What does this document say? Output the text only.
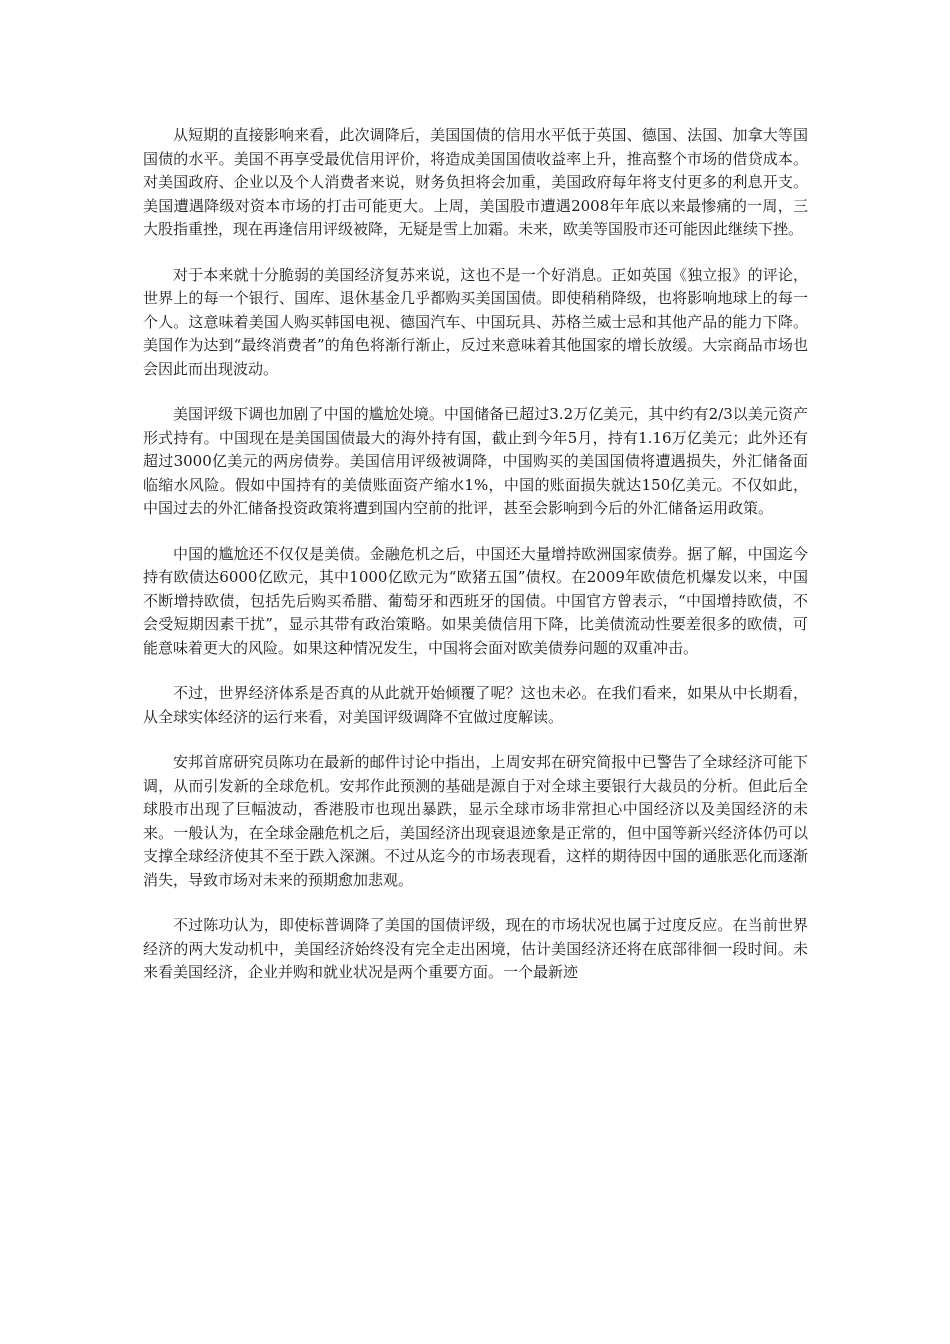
从短期的直接影响来看，此次调降后，美国国债的信用水平低于英国、德国、法国、加拿大等国国债的水平。美国不再享受最优信用评价，将造成美国国债收益率上升，推高整个市场的借贷成本。对美国政府、企业以及个人消费者来说，财务负担将会加重，美国政府每年将支付更多的利息开支。美国遭遇降级对资本市场的打击可能更大。上周，美国股市遭遇2008年年底以来最惨痛的一周，三大股指重挫，现在再逢信用评级被降，无疑是雪上加霜。未来，欧美等国股市还可能因此继续下挫。

对于本来就十分脆弱的美国经济复苏来说，这也不是一个好消息。正如英国《独立报》的评论，世界上的每一个银行、国库、退休基金几乎都购买美国国债。即使稍稍降级，也将影响地球上的每一个人。这意味着美国人购买韩国电视、德国汽车、中国玩具、苏格兰威士忌和其他产品的能力下降。美国作为达到“最终消费者”的角色将渐行渐止，反过来意味着其他国家的增长放缓。大宗商品市场也会因此而出现波动。

美国评级下调也加剧了中国的尴尬处境。中国储备已超过3.2万亿美元，其中约有2/3以美元资产形式持有。中国现在是美国国债最大的海外持有国，截止到今年5月，持有1.16万亿美元；此外还有超过3000亿美元的两房债券。美国信用评级被调降，中国购买的美国国债将遭遇损失，外汇储备面临缩水风险。假如中国持有的美债账面资产缩水1%，中国的账面损失就达150亿美元。不仅如此，中国过去的外汇储备投资政策将遭到国内空前的批评，甚至会影响到今后的外汇储备运用政策。

中国的尴尬还不仅仅是美债。金融危机之后，中国还大量增持欧洲国家债券。据了解，中国迄今持有欧债达6000亿欧元，其中1000亿欧元为“欧猪五国”债权。在2009年欧债危机爆发以来，中国不断增持欧债，包括先后购买希腊、葡萄牙和西班牙的国债。中国官方曾表示，“中国增持欧债，不会受短期因素干扰”，显示其带有政治策略。如果美债信用下降，比美债流动性要差很多的欧债，可能意味着更大的风险。如果这种情况发生，中国将会面对欧美债券问题的双重冲击。

不过，世界经济体系是否真的从此就开始倾覆了呢？这也未必。在我们看来，如果从中长期看，从全球实体经济的运行来看，对美国评级调降不宜做过度解读。

安邦首席研究员陈功在最新的邮件讨论中指出，上周安邦在研究简报中已警告了全球经济可能下调，从而引发新的全球危机。安邦作此预测的基础是源自于对全球主要银行大裁员的分析。但此后全球股市出现了巨幅波动，香港股市也现出暴跌，显示全球市场非常担心中国经济以及美国经济的未来。一般认为，在全球金融危机之后，美国经济出现衰退迹象是正常的，但中国等新兴经济体仍可以支撑全球经济使其不至于跌入深渊。不过从迄今的市场表现看，这样的期待因中国的通胀恶化而逐渐消失，导致市场对未来的预期愈加悲观。

不过陈功认为，即使标普调降了美国的国债评级，现在的市场状况也属于过度反应。在当前世界经济的两大发动机中，美国经济始终没有完全走出困境，估计美国经济还将在底部徘徊一段时间。未来看美国经济，企业并购和就业状况是两个重要方面。一个最新迹
